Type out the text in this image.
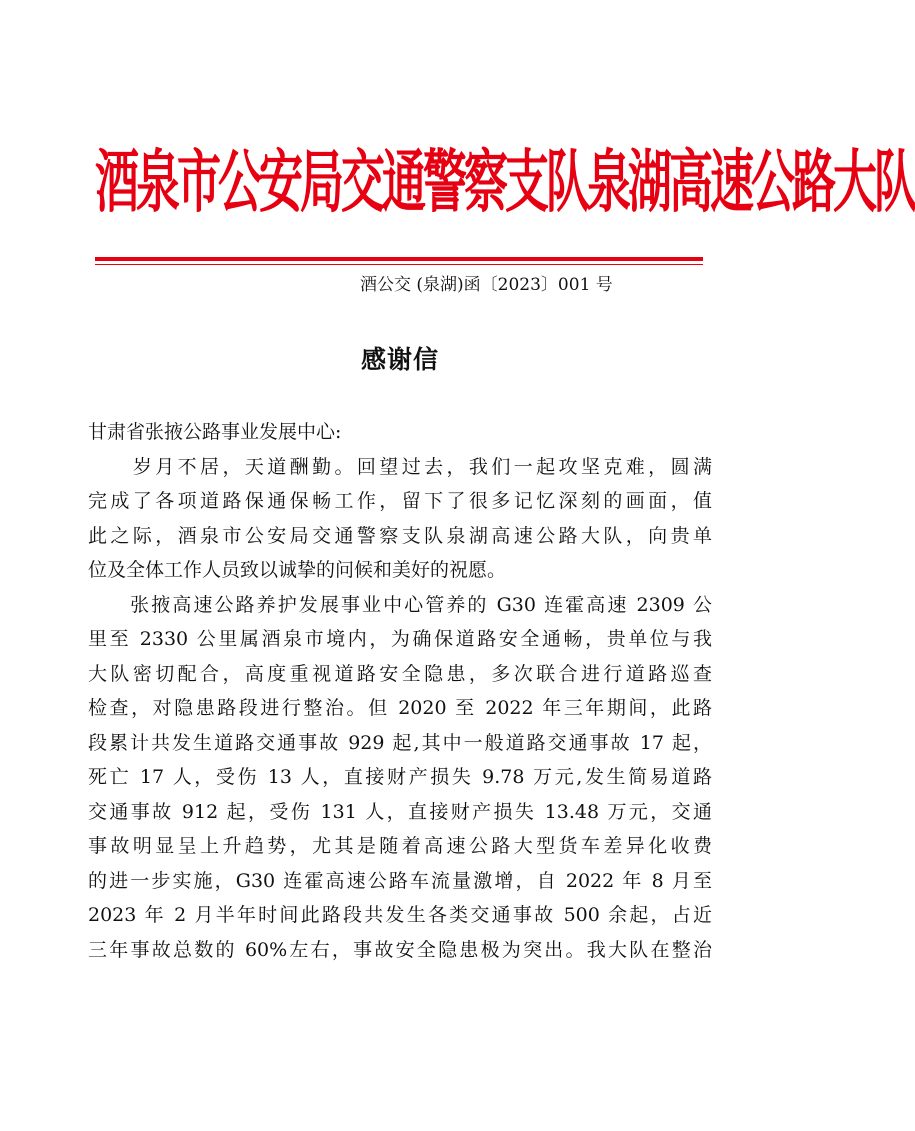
酒泉市公安局交通警察支队泉湖高速公路大队
酒公交 (泉湖)函〔2023〕001 号
感谢信

甘肃省张掖公路事业发展中心:

　　岁月不居，天道酬勤。回望过去，我们一起攻坚克难，圆满

完成了各项道路保通保畅工作，留下了很多记忆深刻的画面，值

此之际，酒泉市公安局交通警察支队泉湖高速公路大队，向贵单

位及全体工作人员致以诚挚的问候和美好的祝愿。

　　张掖高速公路养护发展事业中心管养的 G30 连霍高速 2309 公

里至 2330 公里属酒泉市境内，为确保道路安全通畅，贵单位与我

大队密切配合，高度重视道路安全隐患，多次联合进行道路巡查

检查，对隐患路段进行整治。但 2020 至 2022 年三年期间，此路

段累计共发生道路交通事故 929 起,其中一般道路交通事故 17 起，

死亡 17 人，受伤 13 人，直接财产损失 9.78 万元,发生简易道路

交通事故 912 起，受伤 131 人，直接财产损失 13.48 万元，交通

事故明显呈上升趋势，尤其是随着高速公路大型货车差异化收费

的进一步实施，G30 连霍高速公路车流量激增，自 2022 年 8 月至

2023 年 2 月半年时间此路段共发生各类交通事故 500 余起，占近

三年事故总数的 60%左右，事故安全隐患极为突出。我大队在整治
